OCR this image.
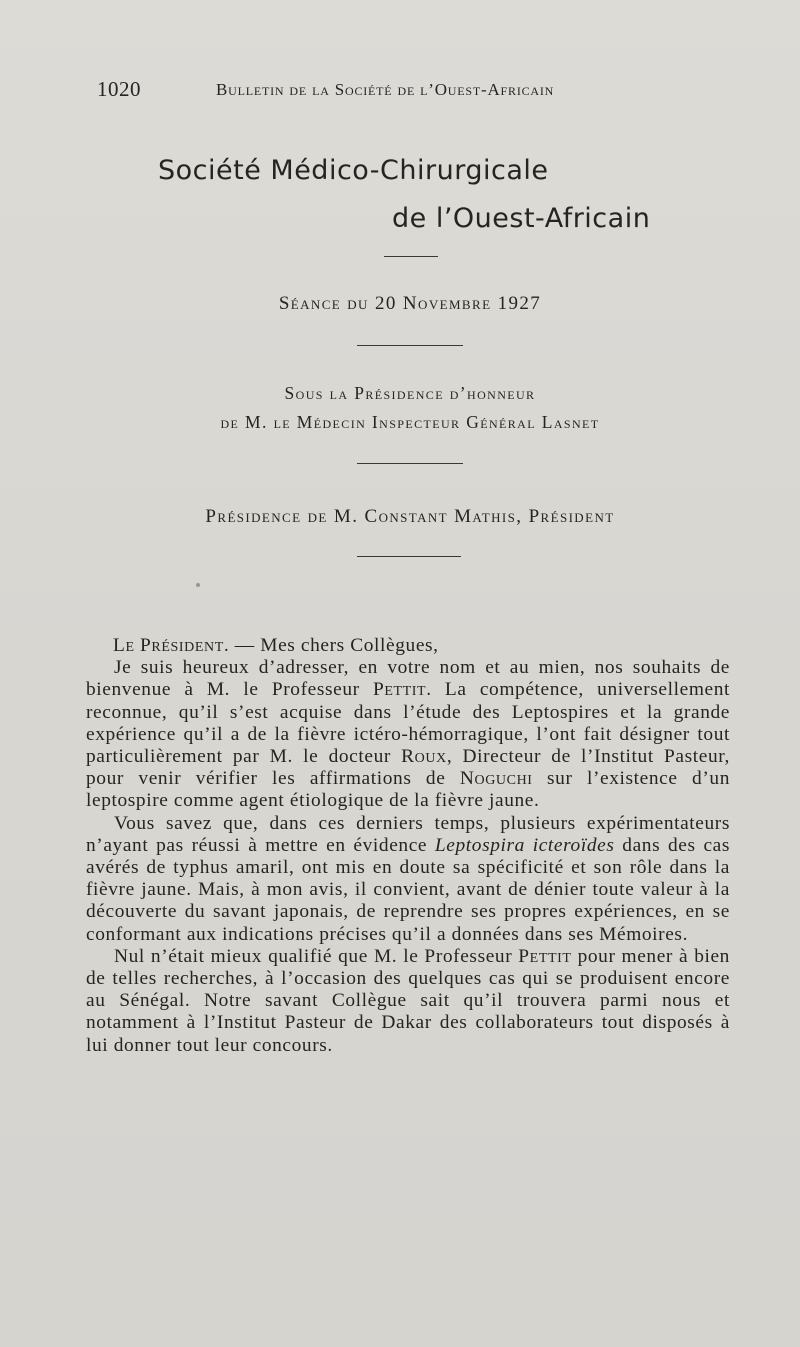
1020	Bulletin de la Société de l’Ouest-Africain
Société Médico-Chirurgicale
de l’Ouest-Africain
Séance du 20 Novembre 1927
Sous la Présidence d’honneur
de M. le Médecin Inspecteur Général Lasnet
Présidence de M. Constant Mathis, Président

Le Président. — Mes chers Collègues,

Je suis heureux d’adresser, en votre nom et au mien, nos souhaits de bienvenue à M. le Professeur Pettit. La compétence, universellement reconnue, qu’il s’est acquise dans l’étude des Leptospires et la grande expérience qu’il a de la fièvre ictéro-hémorragique, l’ont fait désigner tout particulièrement par M. le docteur Roux, Directeur de l’Institut Pasteur, pour venir vérifier les affirmations de Noguchi sur l’existence d’un leptospire comme agent étiologique de la fièvre jaune.

Vous savez que, dans ces derniers temps, plusieurs expérimentateurs n’ayant pas réussi à mettre en évidence Leptospira icteroïdes dans des cas avérés de typhus amaril, ont mis en doute sa spécificité et son rôle dans la fièvre jaune. Mais, à mon avis, il convient, avant de dénier toute valeur à la découverte du savant japonais, de reprendre ses propres expériences, en se conformant aux indications précises qu’il a données dans ses Mémoires.

Nul n’était mieux qualifié que M. le Professeur Pettit pour mener à bien de telles recherches, à l’occasion des quelques cas qui se produisent encore au Sénégal. Notre savant Collègue sait qu’il trouvera parmi nous et notamment à l’Institut Pasteur de Dakar des collaborateurs tout disposés à lui donner tout leur concours.
